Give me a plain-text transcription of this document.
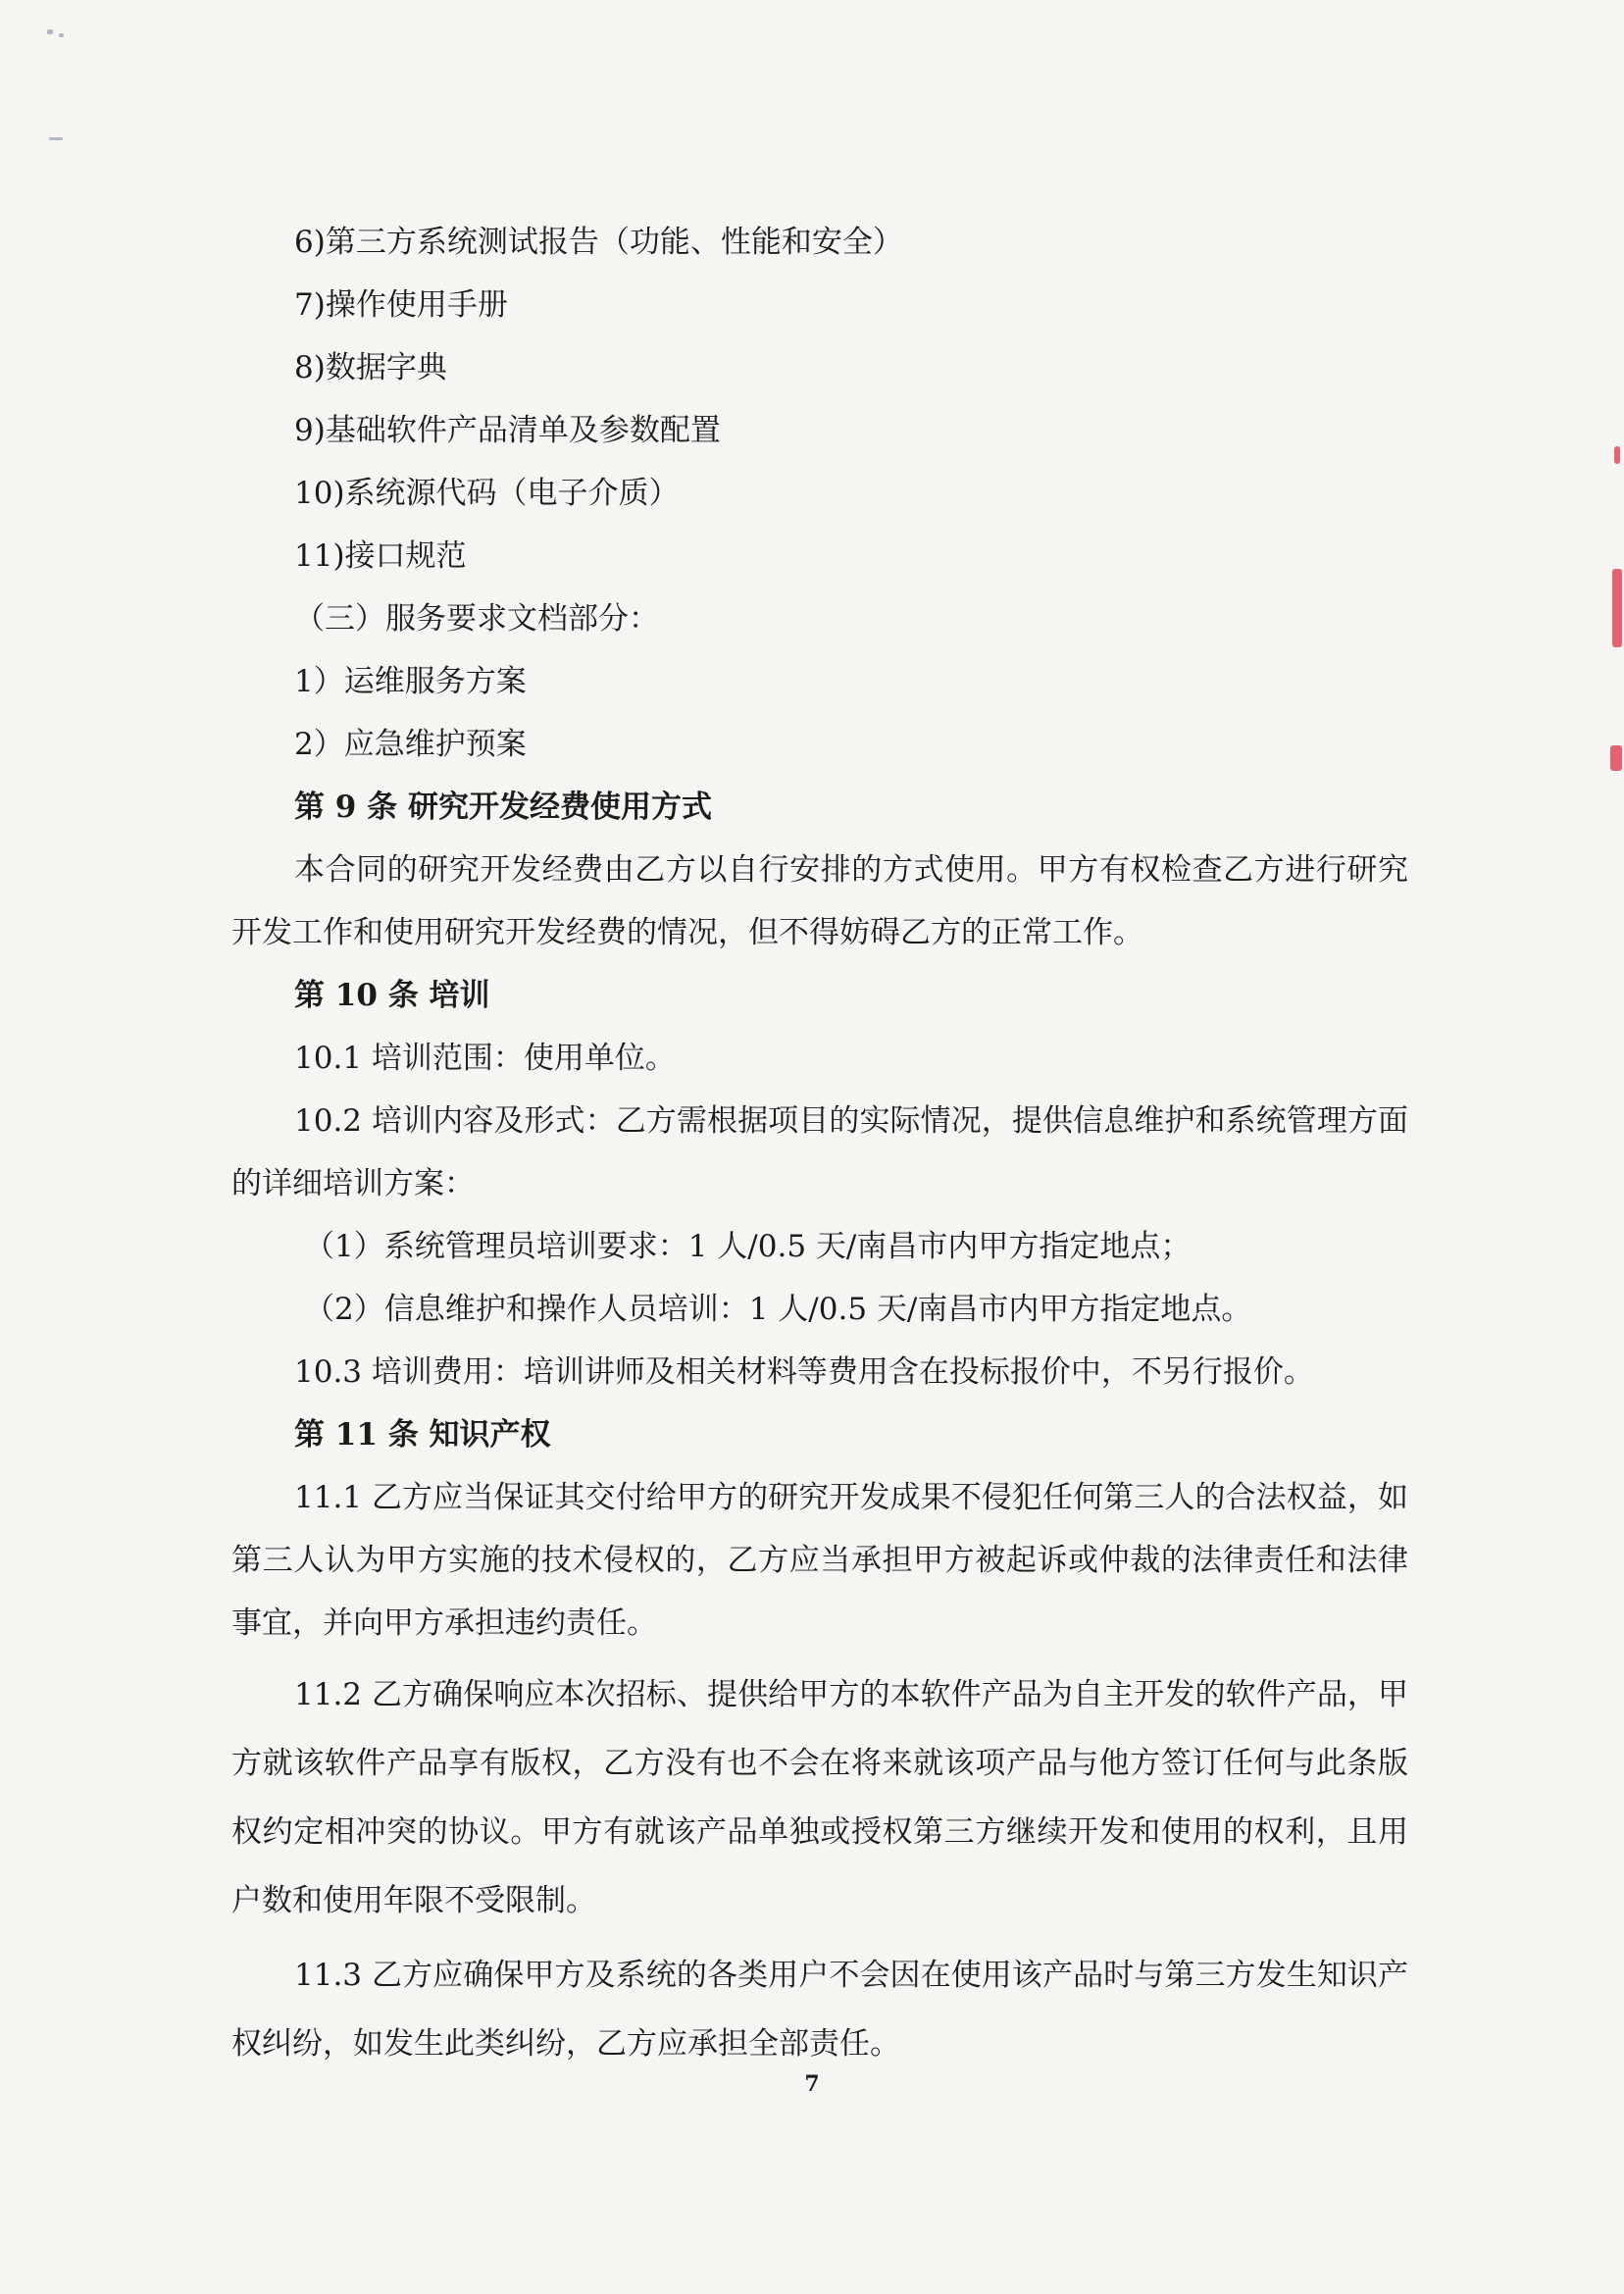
6)第三方系统测试报告（功能、性能和安全）

7)操作使用手册

8)数据字典

9)基础软件产品清单及参数配置

10)系统源代码（电子介质）

11)接口规范

（三）服务要求文档部分：

1）运维服务方案

2）应急维护预案

第 9 条 研究开发经费使用方式

本合同的研究开发经费由乙方以自行安排的方式使用。甲方有权检查乙方进行研究开发工作和使用研究开发经费的情况，但不得妨碍乙方的正常工作。

第 10 条 培训

10.1 培训范围：使用单位。

10.2 培训内容及形式：乙方需根据项目的实际情况，提供信息维护和系统管理方面的详细培训方案：

（1）系统管理员培训要求：1 人/0.5 天/南昌市内甲方指定地点；

（2）信息维护和操作人员培训：1 人/0.5 天/南昌市内甲方指定地点。

10.3 培训费用：培训讲师及相关材料等费用含在投标报价中，不另行报价。

第 11 条 知识产权

11.1 乙方应当保证其交付给甲方的研究开发成果不侵犯任何第三人的合法权益，如第三人认为甲方实施的技术侵权的，乙方应当承担甲方被起诉或仲裁的法律责任和法律事宜，并向甲方承担违约责任。

11.2 乙方确保响应本次招标、提供给甲方的本软件产品为自主开发的软件产品，甲方就该软件产品享有版权，乙方没有也不会在将来就该项产品与他方签订任何与此条版权约定相冲突的协议。甲方有就该产品单独或授权第三方继续开发和使用的权利，且用户数和使用年限不受限制。

11.3 乙方应确保甲方及系统的各类用户不会因在使用该产品时与第三方发生知识产权纠纷，如发生此类纠纷，乙方应承担全部责任。

7
